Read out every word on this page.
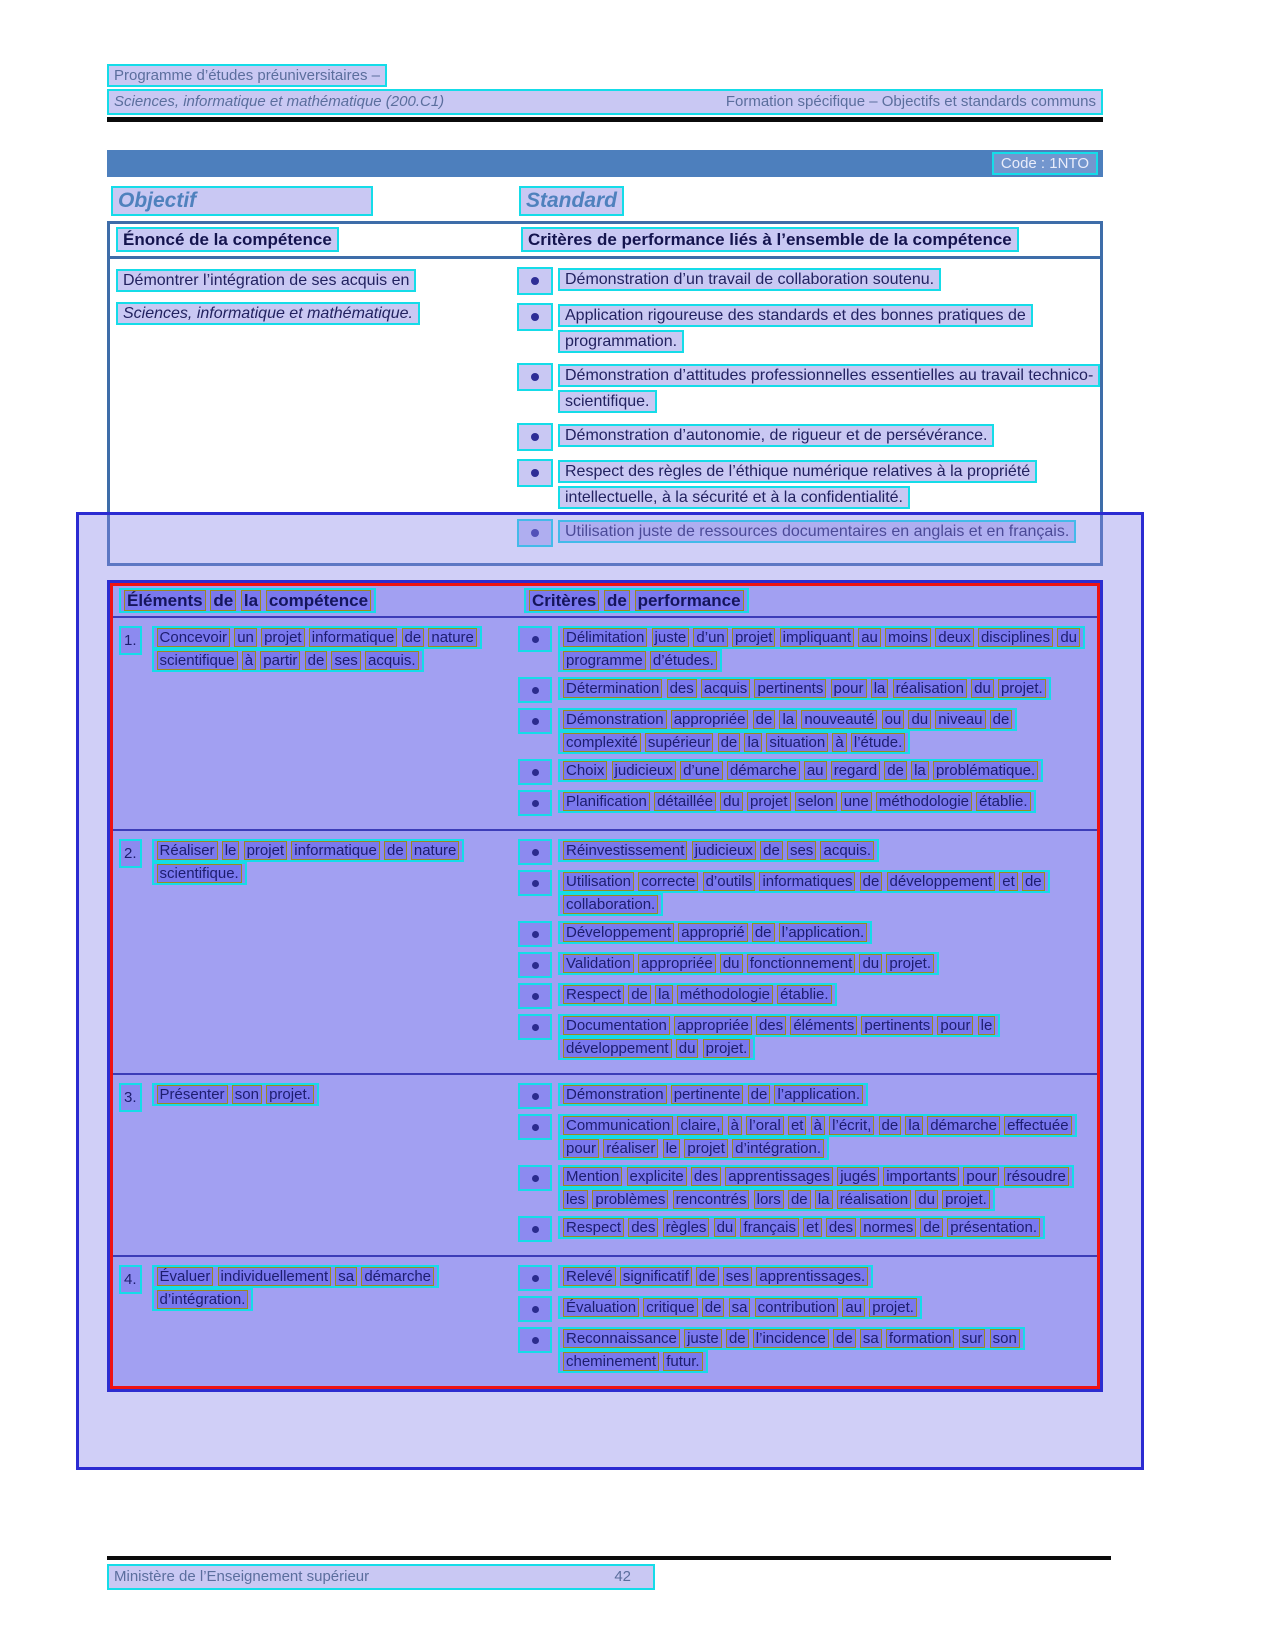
Programme d’études préuniversitaires –
Sciences, informatique et mathématique (200.C1)	Formation spécifique – Objectifs et standards communs
Code : 1NTO
Objectif	Standard
Énoncé de la compétence	Critères de performance liés à l’ensemble de la compétence
Démontrer l’intégration de ses acquis en
Sciences, informatique et mathématique.
Démonstration d’un travail de collaboration soutenu.
Application rigoureuse des standards et des bonnes pratiques de programmation.
Démonstration d’attitudes professionnelles essentielles au travail technico-scientifique.
Démonstration d’autonomie, de rigueur et de persévérance.
Respect des règles de l’éthique numérique relatives à la propriété intellectuelle, à la sécurité et à la confidentialité.
Utilisation juste de ressources documentaires en anglais et en français.
Éléments de la compétence	Critères de performance
1.	Concevoir un projet informatique de nature scientifique à partir de ses acquis.
Délimitation juste d’un projet impliquant au moins deux disciplines du programme d’études.
Détermination des acquis pertinents pour la réalisation du projet.
Démonstration appropriée de la nouveauté ou du niveau de complexité supérieur de la situation à l’étude.
Choix judicieux d’une démarche au regard de la problématique.
Planification détaillée du projet selon une méthodologie établie.
2.	Réaliser le projet informatique de nature scientifique.
Réinvestissement judicieux de ses acquis.
Utilisation correcte d’outils informatiques de développement et de collaboration.
Développement approprié de l’application.
Validation appropriée du fonctionnement du projet.
Respect de la méthodologie établie.
Documentation appropriée des éléments pertinents pour le développement du projet.
3.	Présenter son projet.	Démonstration pertinente de l’application.
Communication claire, à l’oral et à l’écrit, de la démarche effectuée pour réaliser le projet d’intégration.
Mention explicite des apprentissages jugés importants pour résoudre les problèmes rencontrés lors de la réalisation du projet.
Respect des règles du français et des normes de présentation.
4.	Évaluer individuellement sa démarche d’intégration.
Relevé significatif de ses apprentissages.
Évaluation critique de sa contribution au projet.
Reconnaissance juste de l’incidence de sa formation sur son cheminement futur.
Ministère de l’Enseignement supérieur	42
